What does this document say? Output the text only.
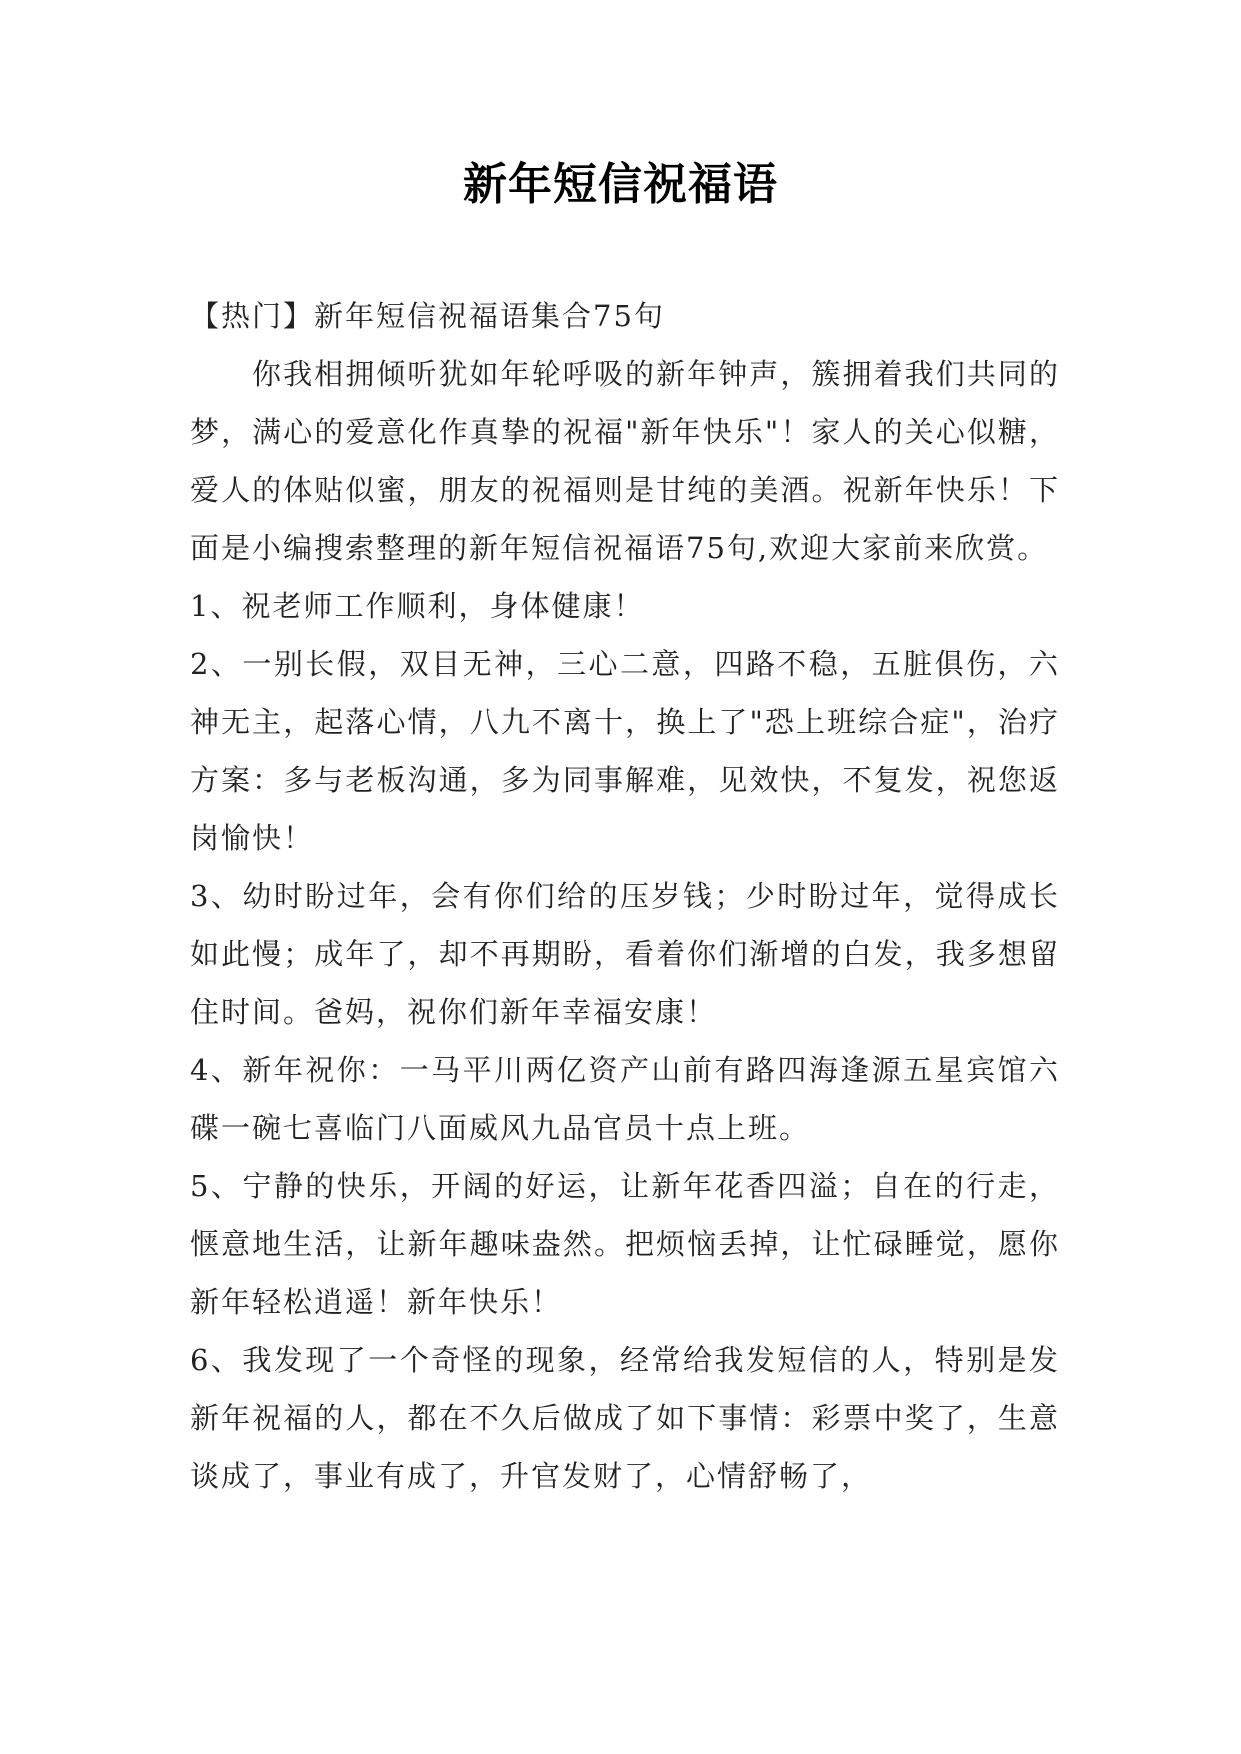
新年短信祝福语

【热门】新年短信祝福语集合75句

你我相拥倾听犹如年轮呼吸的新年钟声，簇拥着我们共同的梦，满心的爱意化作真挚的祝福"新年快乐"！家人的关心似糖，爱人的体贴似蜜，朋友的祝福则是甘纯的美酒。祝新年快乐！下面是小编搜索整理的新年短信祝福语75句,欢迎大家前来欣赏。

1、祝老师工作顺利，身体健康！

2、一别长假，双目无神，三心二意，四路不稳，五脏俱伤，六神无主，起落心情，八九不离十，换上了"恐上班综合症"，治疗方案：多与老板沟通，多为同事解难，见效快，不复发，祝您返岗愉快！

3、幼时盼过年，会有你们给的压岁钱；少时盼过年，觉得成长如此慢；成年了，却不再期盼，看着你们渐增的白发，我多想留住时间。爸妈，祝你们新年幸福安康！

4、新年祝你：一马平川两亿资产山前有路四海逢源五星宾馆六碟一碗七喜临门八面威风九品官员十点上班。

5、宁静的快乐，开阔的好运，让新年花香四溢；自在的行走，惬意地生活，让新年趣味盎然。把烦恼丢掉，让忙碌睡觉，愿你新年轻松逍遥！新年快乐！

6、我发现了一个奇怪的现象，经常给我发短信的人，特别是发新年祝福的人，都在不久后做成了如下事情：彩票中奖了，生意谈成了，事业有成了，升官发财了，心情舒畅了，
